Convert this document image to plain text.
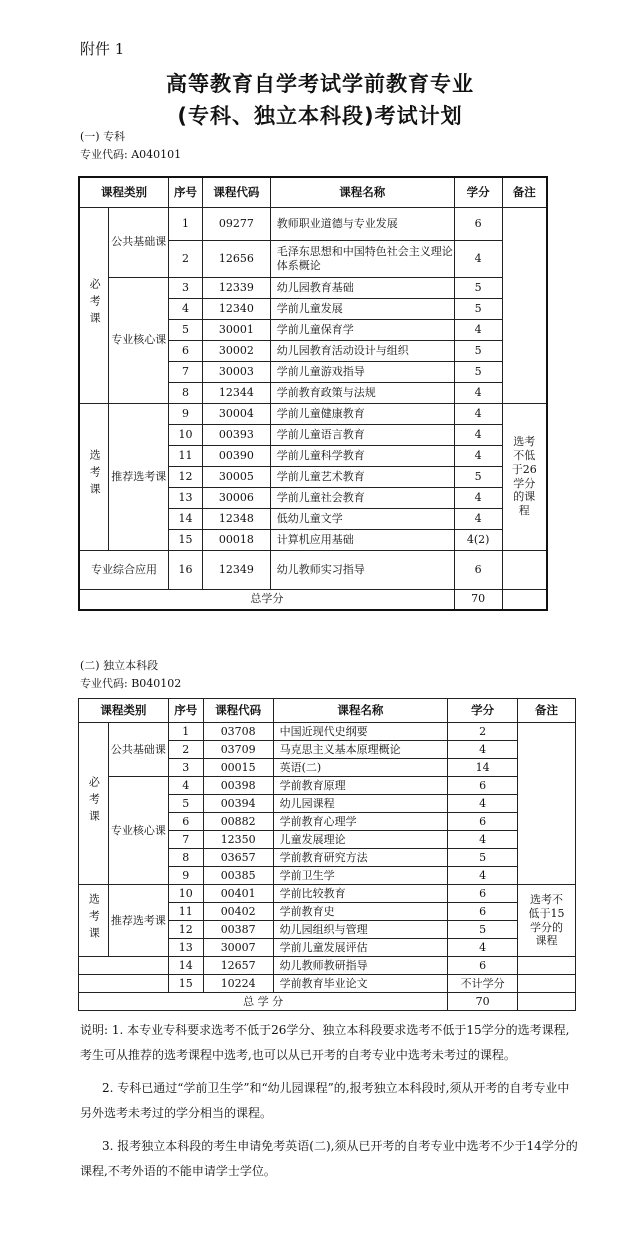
附件 1
高等教育自学考试学前教育专业
(专科、独立本科段)考试计划
(一) 专科
专业代码: A040101
课程类别		序号	课程代码	课程名称	学分	备注
必考课	公共基础课	1	09277	教师职业道德与专业发展	6	
		2	12656	毛泽东思想和中国特色社会主义理论体系概论	4	
	专业核心课	3	12339	幼儿园教育基础	5	
		4	12340	学前儿童发展	5	
		5	30001	学前儿童保育学	4	
		6	30002	幼儿园教育活动设计与组织	5	
		7	30003	学前儿童游戏指导	5	
		8	12344	学前教育政策与法规	4	
选考课	推荐选考课	9	30004	学前儿童健康教育	4	选考不低于26学分的课程
		10	00393	学前儿童语言教育	4	
		11	00390	学前儿童科学教育	4	
		12	30005	学前儿童艺术教育	5	
		13	30006	学前儿童社会教育	4	
		14	12348	低幼儿童文学	4	
		15	00018	计算机应用基础	4(2)	
专业综合应用		16	12349	幼儿教师实习指导	6	
总学分					70	
(二) 独立本科段
专业代码: B040102
课程类别		序号	课程代码	课程名称	学分	备注
必考课	公共基础课	1	03708	中国近现代史纲要	2	
		2	03709	马克思主义基本原理概论	4	
		3	00015	英语(二)	14	
	专业核心课	4	00398	学前教育原理	6	
		5	00394	幼儿园课程	4	
		6	00882	学前教育心理学	6	
		7	12350	儿童发展理论	4	
		8	03657	学前教育研究方法	5	
		9	00385	学前卫生学	4	
选考课	推荐选考课	10	00401	学前比较教育	6	选考不低于15学分的课程
		11	00402	学前教育史	6	
		12	00387	幼儿园组织与管理	5	
		13	30007	学前儿童发展评估	4	
		14	12657	幼儿教师教研指导	6	
		15	10224	学前教育毕业论文	不计学分	
总 学 分					70	

说明: 1. 本专业专科要求选考不低于26学分、独立本科段要求选考不低于15学分的选考课程,考生可从推荐的选考课程中选考,也可以从已开考的自考专业中选考未考过的课程。

2. 专科已通过“学前卫生学”和“幼儿园课程”的,报考独立本科段时,须从开考的自考专业中另外选考未考过的学分相当的课程。

3. 报考独立本科段的考生申请免考英语(二),须从已开考的自考专业中选考不少于14学分的课程,不考外语的不能申请学士学位。
